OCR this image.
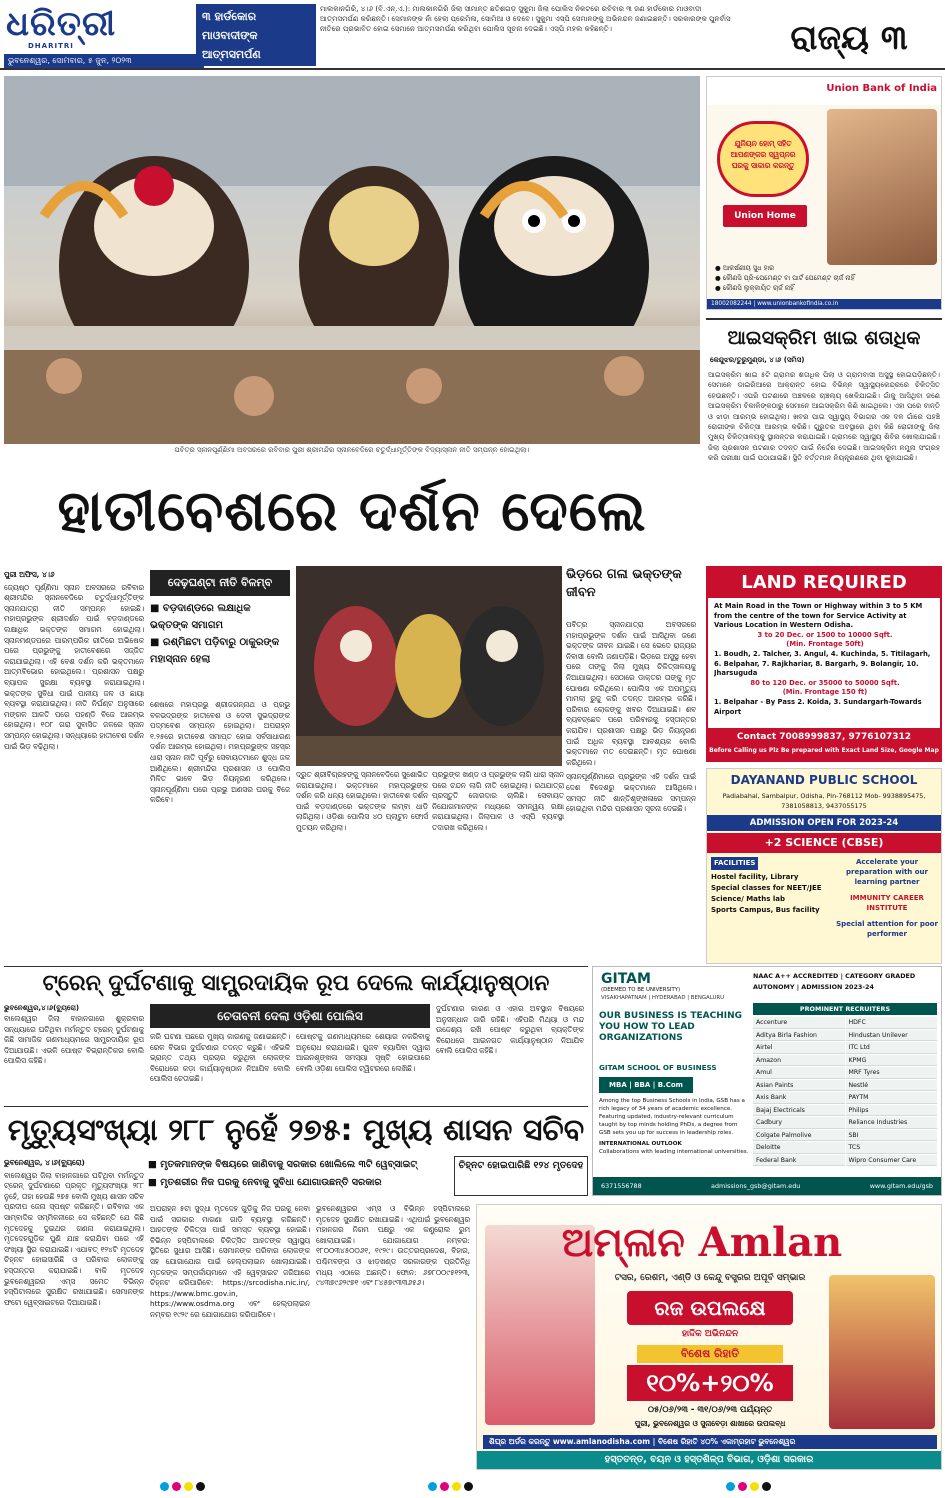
ଧରିତ୍ରୀ
DHARITRI
ଭୁବନେଶ୍ୱର, ସୋମବାର, ୫ ଜୁନ, ୨୦୨୩
୩ ହାର୍ଡକୋର
ମାଓବାଦୀଙ୍କ
ଆତ୍ମସମର୍ପଣ
ମାଲକାନଗିରି, ୪।୬ (ବି.ଏନ୍.ଏ.): ମାଲକାନଗିରି ଜିଲା ସୀମାନ୍ତ ଛତିଶଗଡ଼ ସୁକୁମା ଜିଲା ପୋଲିସ ନିକଟରେ ରବିବାର ୩ ଜଣ ହାର୍ଡକୋର ମାଓବାଦୀ ଆତ୍ମସମର୍ପଣ କରିଛନ୍ତି। ସେମାନଙ୍କ ନାଁ ହେଲା ପ୍ରେମିଳା, ସୋମିଆ ଓ ଦେବେ। ସୁକୁମା ଏସ୍ପି ସେମାନଙ୍କୁ ଅଭିନନ୍ଦନ ଜଣାଇଛନ୍ତି। ସରକାରଙ୍କ ପୁନର୍ବାସ ନୀତିରେ ପ୍ରଭାବିତ ହୋଇ ସେମାନେ ଆତ୍ମସମର୍ପଣ କରିଥିବା ପୋଲିସ ସୂଚନା ଦେଇଛି। ଏସ୍ପି ମହଲ କହିଛନ୍ତି।	ରାଜ୍ୟ ୩
ପବିତ୍ର ସ୍ନାନପୂର୍ଣ୍ଣିମା ଅବସରରେ ରବିବାର ପୁରୀ ଶ୍ରୀମନ୍ଦିର ସ୍ନାନବେଦିରେ ଚତୁର୍ଦ୍ଧାମୂର୍ତ୍ତିଙ୍କ ବିଦ୍ୟାସ୍ନାନ ନୀତି ସମ୍ପନ୍ନ ହୋଇଥିଲା।
Union Bank of India
ଯୁନିୟନ ହୋମ୍ ସହିତ ଆପଣଙ୍କର ସ୍ୱପ୍ନର ଘରକୁ ସାକାର କରନ୍ତୁ
Union Home
● ଆକର୍ଷଣୀୟ ସୁଧ ହାର
● କୌଣସି ପ୍ରି-ପେମେଣ୍ଟ ବା ପାର୍ଟ ପେମେଣ୍ଟ ଚାର୍ଜ ନାହିଁ
● କୌଣସି ଲୁକ୍କାୟିତ ଚାର୍ଜ ନାହିଁ
18002082244 | www.unionbankofindia.co.in
ଆଇସକ୍ରିମ ଖାଇ ଶତାଧିକ
କେନ୍ଦୁଝର/ତୁରୁମୁଣ୍ଡା, ୪।୬ (ସମିସ)
ଆଇସକ୍ରିମ ଖାଇ ୫ଟି ଗ୍ରାମର ଶତାଧିକ ପିଲା ଓ ଗ୍ରାମବାସୀ ଅସୁସ୍ଥ ହୋଇପଡ଼ିଛନ୍ତି। ସେମାନେ ଡାଇରିଆରେ ଆକ୍ରାନ୍ତ ହୋଇ ବିଭିନ୍ନ ସ୍ୱାସ୍ଥ୍ୟକେନ୍ଦ୍ରରେ ଚିକିତ୍ସିତ ହେଉଛନ୍ତି। ଏପରି ଘଟଣାରେ ଅଞ୍ଚଳରେ ଚାଞ୍ଚଲ୍ୟ ଖେଳିଯାଇଛି। ଗାଁକୁ ଆସିଥିବା ଜଣେ ଆଇସକ୍ରିମ ବିକାଳିଙ୍କଠାରୁ ସେମାନେ ଆଇସକ୍ରିମ କିଣି ଖାଇଥିଲେ। ଏହା ପରେ ବାନ୍ତି ଓ ଝାଡ଼ା ଆରମ୍ଭ ହୋଇଥିଲା। ଖବର ପାଇ ସ୍ୱାସ୍ଥ୍ୟ ବିଭାଗର ଏକ ଦଳ ଗାଁରେ ପହଞ୍ଚି ରୋଗୀଙ୍କ ଚିକିତ୍ସା ଆରମ୍ଭ କରିଛି। ଗୁରୁତର ଅବସ୍ଥାରେ ଥିବା କିଛି ରୋଗୀଙ୍କୁ ଜିଲା ମୁଖ୍ୟ ଚିକିତ୍ସାଳୟକୁ ସ୍ଥାନାନ୍ତର କରାଯାଇଛି। ଗ୍ରାମରେ ସ୍ୱାସ୍ଥ୍ୟ ଶିବିର ଖୋଲାଯାଇଛି। ଜିଲା ପ୍ରଶାସନ ଘଟଣାର ତଦନ୍ତ ପାଇଁ ନିର୍ଦ୍ଦେଶ ଦେଇଛି। ଆଇସକ୍ରିମ ନମୁନା ସଂଗ୍ରହ କରି ପରୀକ୍ଷା ପାଇଁ ପଠାଯାଇଛି। ସ୍ଥିତି ବର୍ତ୍ତମାନ ନିୟନ୍ତ୍ରଣରେ ଥିବା କୁହାଯାଇଛି।
ହାତୀବେଶରେ ଦର୍ଶନ ଦେଲେ
ପୁରୀ ଅଫିସ, ୪।୬
ଜ୍ୟେଷ୍ଠ ପୂର୍ଣ୍ଣିମା ସ୍ନାନ ଅବସରରେ ରବିବାର ଶ୍ରୀମନ୍ଦିର ସ୍ନାନବେଦିରେ ଚତୁର୍ଦ୍ଧାମୂର୍ତ୍ତିଙ୍କ ସ୍ନାନଯାତ୍ରା ନୀତି ସମ୍ପନ୍ନ ହୋଇଛି। ମହାପ୍ରଭୁଙ୍କ ଶ୍ରୀଦର୍ଶନ ପାଇଁ ବଡ଼ଦାଣ୍ଡରେ ଲକ୍ଷାଧିକ ଭକ୍ତଙ୍କ ସମାଗମ ହୋଇଥିଲା। ସ୍ନାନମଣ୍ଡପରେ ପାରମ୍ପରିକ ରୀତିରେ ଅଭିଷେକ ପରେ ପ୍ରଭୁଙ୍କୁ ହାତୀବେଶରେ ସଜ୍ଜିତ କରାଯାଇଥିଲା। ଏହି ବେଶ ଦର୍ଶନ କରି ଭକ୍ତମାନେ ଆତ୍ମବିଭୋର ହୋଇଥିଲେ। ପ୍ରଶାସନ ପକ୍ଷରୁ ବ୍ୟାପକ ସୁରକ୍ଷା ବ୍ୟବସ୍ଥା କରାଯାଇଥିଲା। ଭକ୍ତଙ୍କ ସୁବିଧା ପାଇଁ ପାନୀୟ ଜଳ ଓ ଛାୟା ବ୍ୟବସ୍ଥା କରାଯାଇଥିଲା। ନୀତି ନିର୍ଘଣ୍ଟ ଅନୁସାରେ ମଙ୍ଗଳ ଆଳତି ପରେ ପହଣ୍ଡି ବିଜେ ଆରମ୍ଭ ହୋଇଥିଲା। ୧୦୮ ଗରା ସୁବାସିତ ଜଳରେ ସ୍ନାନ ସମ୍ପନ୍ନ ହୋଇଥିଲା। ସନ୍ଧ୍ୟାରେ ହାତୀବେଶ ଦର୍ଶନ ପାଇଁ ଭିଡ଼ ବଢ଼ିଥିଲା।
ଦେଢ଼ଘଣ୍ଟା ନୀତି ବିଳମ୍ବ
■ ବଡ଼ଦାଣ୍ଡରେ ଲକ୍ଷାଧିକ ଭକ୍ତଙ୍କ ସମାଗମ
■ ରଶ୍ମିଛଟା ପଡ଼ିବାରୁ ଠାକୁରଙ୍କ ମହାସ୍ନାନ ହେଲା
ଶେଷରେ ମହାପ୍ରଭୁ ଶ୍ରୀଜଗନ୍ନାଥ ଓ ପ୍ରଭୁ ବଳଭଦ୍ରଙ୍କ ହାତୀବେଶ ଓ ଦେବୀ ସୁଭଦ୍ରାଙ୍କ ପଦ୍ମବେଶ ସମ୍ପନ୍ନ ହୋଇଥିଲା। ଅପରାହ୍ନ ୧.୨୫ରେ ହାତୀବେଶ ସମାପ୍ତ ହୋଇ ସର୍ବସାଧାରଣ ଦର୍ଶନ ଆରମ୍ଭ ହୋଇଥିଲା। ମହାପ୍ରଭୁଙ୍କ ସହସ୍ର ଧାରା ସ୍ନାନ ନୀତି ପୂର୍ବରୁ ସେବାୟତମାନେ ଶୁଦ୍ଧ ଜଳ ଆଣିଥିଲେ। ଶ୍ରୀମନ୍ଦିର ପ୍ରଶାସନ ଓ ପୋଲିସ ମିଳିତ ଭାବେ ଭିଡ଼ ନିୟନ୍ତ୍ରଣ କରିଥିଲେ। ସ୍ନାନପୂର୍ଣ୍ଣିମା ପରେ ପ୍ରଭୁ ଅଣସର ଘରକୁ ବିଜେ କରିବେ।
ଦ୍ରୁତ ଶ୍ରୀବିଗ୍ରହଙ୍କୁ ସ୍ନାନବେଦିରେ ସୁଶୋଭିତ କରାଯାଇଥିଲା। ଭକ୍ତମାନେ ମହାପ୍ରଭୁଙ୍କ ଦର୍ଶନ କରି ଧନ୍ୟ ହୋଇଥିଲେ। ହାତୀବେଶ ଦର୍ଶନ ପାଇଁ ବଡ଼ଦାଣ୍ଡରେ ଭକ୍ତଙ୍କ ଲମ୍ବା ଧାଡ଼ି ଲାଗିଥିଲା। ଓଡ଼ିଶା ପୋଲିସ ୪୦ ପ୍ଲାଟୁନ ଫୋର୍ସ ମୁତୟନ କରିଥିଲା।
ପ୍ରଭୁଙ୍କ ଖଣ୍ଡ ଓ ପ୍ରଭୁଙ୍କ ଲାଗି ଧାରା ସ୍ନାନ ପରେ ଚନ୍ଦନ ଲାଗି ନୀତି ହୋଇଥିଲା। ରଥଯାତ୍ରା ପ୍ରସ୍ତୁତି ଜୋରଦାର ଚାଲିଛି। ସେବାୟତ ନିଯୋଗମାନଙ୍କ ମଧ୍ୟରେ ସମନ୍ୱୟ ରକ୍ଷା କରାଯାଇଥିଲା। ଜିଲାପାଳ ଓ ଏସ୍ପି ବ୍ୟବସ୍ଥା ତଦାରଖ କରିଥିଲେ।
ଭିଡ଼ରେ ଗଳା ଭକ୍ତଙ୍କ ଜୀବନ
ପବିତ୍ର ସ୍ନାନଯାତ୍ରା ଅବସରରେ ମହାପ୍ରଭୁଙ୍କ ଦର୍ଶନ ପାଇଁ ଆସିଥିବା ଜଣେ ଭକ୍ତଙ୍କ ଜୀବନ ଯାଇଛି। ସେ ଭେଦେ ରାଜ୍ୟର ନିବାସୀ ବୋଲି ଜଣାପଡ଼ିଛି। ଭିଡ଼ରେ ଅସୁସ୍ଥ ହେବା ପରେ ତାଙ୍କୁ ଜିଲା ମୁଖ୍ୟ ଚିକିତ୍ସାଳୟକୁ ନିଆଯାଇଥିଲା। ସେଠାରେ ଡାକ୍ତର ତାଙ୍କୁ ମୃତ ଘୋଷଣା କରିଥିଲେ। ପୋଲିସ ଏକ ଅପମୃତ୍ୟୁ ମାମଲା ରୁଜୁ କରି ତଦନ୍ତ ଆରମ୍ଭ କରିଛି। ପରିବାର ଲୋକଙ୍କୁ ଖବର ଦିଆଯାଇଛି। ଶବ ବ୍ୟବଚ୍ଛେଦ ପରେ ପରିବାରକୁ ହସ୍ତାନ୍ତର କରାଯିବ। ପ୍ରଶାସନ ପକ୍ଷରୁ ଭିଡ଼ ନିୟନ୍ତ୍ରଣ ପାଇଁ ଅଧିକ ବ୍ୟବସ୍ଥା ଆବଶ୍ୟକ ବୋଲି ଭକ୍ତମାନେ ମତ ଦେଇଛନ୍ତି। ମୃତ ଘୋଷଣା କରିଥିଲେ।
ସ୍ନାନପୂର୍ଣ୍ଣିମାରେ ପ୍ରଭୁଙ୍କ ଏହି ଦର୍ଶନ ପାଇଁ ଦେଶ ବିଦେଶରୁ ଭକ୍ତମାନେ ଆସିଥିଲେ। ସମସ୍ତ ନୀତି ଶାନ୍ତିଶୃଙ୍ଖଳାରେ ସମ୍ପନ୍ନ ହୋଇଥିବା ମନ୍ଦିର ପ୍ରଶାସନ ସୂଚନା ଦେଇଛି।
LAND REQUIRED
At Main Road in the Town or Highway within 3 to 5 KM from the centre of the town for Service Activity at Various Location in Western Odisha.
3 to 20 Dec. or 1500 to 10000 Sqft.
(Min. Frontage 50ft)
1. Boudh, 2. Talcher, 3. Angul, 4. Kuchinda, 5. Titilagarh, 6. Belpahar, 7. Rajkhariar, 8. Bargarh, 9. Bolangir, 10. Jharsuguda
80 to 120 Dec. or 35000 to 50000 Sqft.
(Min. Frontage 150 ft)
1. Belpahar - By Pass 2. Koida, 3. Sundargarh-Towards Airport
Contact 7008999837, 9776107312
Before Calling us Plz Be prepared with Exact Land Size, Google Map
DAYANAND PUBLIC SCHOOL
Padiabahal, Sambalpur, Odisha, Pin-768112 Mob- 9938895475, 7381058813, 9437055175
ADMISSION OPEN FOR 2023-24
+2 SCIENCE (CBSE)
FACILITIES
Hostel facility, Library
Special classes for NEET/JEE
Science/ Maths lab
Sports Campus, Bus facility
Accelerate your preparation with our learning partner
IMMUNITY CAREER INSTITUTE
Special attention for poor performer
ଟ୍ରେନ୍ ଦୁର୍ଘଟଣାକୁ ସାମ୍ପ୍ରଦାୟିକ ରୂପ ଦେଲେ କାର୍ଯ୍ୟାନୁଷ୍ଠାନ
ଭୁବନେଶ୍ୱର,୪।୬(ବ୍ୟୁରୋ)
ଚେତାବନୀ ଦେଲା ଓଡ଼ିଶା ପୋଲିସ
ବାଲେଶ୍ୱର ଜିଲା ବାହାନଗାରେ ଶୁକ୍ରବାର ସନ୍ଧ୍ୟାରେ ଘଟିଥିବା ମର୍ମନ୍ତୁଦ ଟ୍ରେନ୍ ଦୁର୍ଘଟଣାକୁ କିଛି ସାମାଜିକ ଗଣମାଧ୍ୟମରେ ସାମ୍ପ୍ରଦାୟିକ ରୂପ ଦିଆଯାଉଛି। ଏଭଳି ପୋଷ୍ଟ ବିଭ୍ରାନ୍ତିକର ବୋଲି ପୋଲିସ କହିଛି।
କରି ଘଟଣା ପଛରେ ମୁଖ୍ୟ କାରଣକୁ ଜଣାଇଛନ୍ତି। ରେଳ ବିଭାଗ ଦୁର୍ଘଟଣାର ତଦନ୍ତ କରୁଛି। ଏହିଭଳି ଭ୍ରାନ୍ତ ତଥ୍ୟ ପ୍ରଚାର କରୁଥିବା ଲୋକଙ୍କ ବିରୋଧରେ କଡ଼ା କାର୍ଯ୍ୟାନୁଷ୍ଠାନ ନିଆଯିବ ବୋଲି ପୋଲିସ ଚେତାଇଛି।
ପୋଷ୍ଟକୁ ଗଣମାଧ୍ୟମରେ ଶେୟାର ନକରିବାକୁ ଅନୁରୋଧ କରାଯାଇଛି। ଗୁଜବ ବ୍ୟାପିବା ଦ୍ୱାରା ଆଇନଶୃଙ୍ଖଳା ସମସ୍ୟା ସୃଷ୍ଟି ହୋଇପାରେ ବୋଲି ଓଡ଼ିଶା ପୋଲିସ ଟ୍ୱିଟରରେ ଲେଖିଛି।
ଦୁର୍ଘଟଣାର କାରଣ ଓ ଏହାର ଅବସ୍ଥାନ ବିଷୟରେ ଅନୁସନ୍ଧାନ ଜାରି ରହିଛି। ଏହିପରି ମିଥ୍ୟା ଓ ମନ୍ଦ ଉଦ୍ଦେଶ୍ୟ ରଖି ପୋଷ୍ଟ କରୁଥିବା ବ୍ୟକ୍ତିଙ୍କ ବିରୋଧରେ ଆଇନଗତ କାର୍ଯ୍ୟାନୁଷ୍ଠାନ ନିଆଯିବ ବୋଲି ପୋଲିସ କହିଛି।
GITAM
(DEEMED TO BE UNIVERSITY)
VISAKHAPATNAM | HYDERABAD | BENGALURU
NAAC A++ ACCREDITED | CATEGORY GRADED AUTONOMY | ADMISSION 2023-24
OUR BUSINESS IS TEACHING YOU HOW TO LEAD ORGANIZATIONS
GITAM SCHOOL OF BUSINESS
MBA | BBA | B.Com
Among the top Business Schools in India, GSB has a rich legacy of 34 years of academic excellence. Featuring updated, industry-relevant curriculum taught by top minds holding PhDs, a degree from GSB sets you up for success in leadership roles.
INTERNATIONAL OUTLOOK
Collaborations with leading international universities.
PROMINENT RECRUITERS
Accenture	HDFC
Aditya Birla Fashion	Hindustan Unilever
Airtel	ITC Ltd
Amazon	KPMG
Amul	MRF Tyres
Asian Paints	Nestlé
Axis Bank	PAYTM
Bajaj Electricals	Philips
Cadbury	Reliance Industries
Colgate Palmolive	SBI
Deloitte	TCS
Federal Bank	Wipro Consumer Care
6371556788	admissions_gsb@gitam.edu	www.gitam.edu/gsb
ମୃତ୍ୟୁସଂଖ୍ୟା ୨୮୮ ନୁହେଁ ୨୭୫: ମୁଖ୍ୟ ଶାସନ ସଚିବ
■ ମୃତକମାନଙ୍କ ବିଷୟରେ ଜାଣିବାକୁ ସରକାର ଖୋଲିଲେ ୩ଟି ୱେବ୍‌ସାଇଟ୍
■ ମୃତଶରୀର ନିଜ ଘରକୁ ନେବାକୁ ସୁବିଧା ଯୋଗାଉଛନ୍ତି ସରକାର
ଚିହ୍ନଟ ହୋଇପାରିଛି ୧୨୪ ମୃତଦେହ
ଭୁବନେଶ୍ୱର, ୪।୬(ବ୍ୟୁରୋ)
ବାଲେଶ୍ୱର ଜିଲା ବାହାନଗାରେ ଘଟିଥିବା ମର୍ମନ୍ତୁଦ ଟ୍ରେନ୍ ଦୁର୍ଘଟଣାରେ ପ୍ରକୃତ ମୃତ୍ୟୁସଂଖ୍ୟା ୨୮୮ ନୁହେଁ, ତାହା ହେଉଛି ୨୭୫ ବୋଲି ମୁଖ୍ୟ ଶାସନ ସଚିବ ପ୍ରଦୀପ ଜେନା ସ୍ପଷ୍ଟ କରିଛନ୍ତି। ରବିବାର ଏକ ସାମ୍ବାଦିକ ସମ୍ମିଳନୀରେ ସେ କହିଛନ୍ତି ଯେ କିଛି ମୃତଦେହକୁ ଦୁଇଥର ଗଣନା କରାଯାଇଥିଲା। ମୃତଦେହଗୁଡ଼ିକ ପୁଣି ଯାଞ୍ଚ କରାଯିବା ପରେ ଏହି ସଂଖ୍ୟା ସ୍ଥିର କରାଯାଇଛି। ଏଯାବତ୍ ୧୨୪ଟି ମୃତଦେହ ଚିହ୍ନଟ ହୋଇସାରିଛି ଓ ପରିବାର ଲୋକଙ୍କୁ ହସ୍ତାନ୍ତର କରାଯାଇଛି। ବାକି ମୃତଦେହ ଭୁବନେଶ୍ୱରର ଏମ୍ସ ସମେତ ବିଭିନ୍ନ ହସ୍ପିଟାଲରେ ସୁରକ୍ଷିତ ରଖାଯାଇଛି। ସେମାନଙ୍କ ଫଟୋ ୱେବ୍‌ସାଇଟରେ ଦିଆଯାଇଛି।
ଅପରାହ୍ନ ୫ଟା ସୁଦ୍ଧା ମୃତଦେହ ଗୁଡ଼ିକୁ ନିଜ ଘରକୁ ନେବା ପାଇଁ ସରକାର ମାଗଣା ଗାଡ଼ି ବ୍ୟବସ୍ଥା କରିଛନ୍ତି। ଆହତଙ୍କ ଚିକିତ୍ସା ପାଇଁ ସମସ୍ତ ବ୍ୟବସ୍ଥା ହୋଇଛି। ବିଭିନ୍ନ ହସ୍ପିଟାଲରେ ଚିକିତ୍ସିତ ଆହତଙ୍କ ସ୍ୱାସ୍ଥ୍ୟ ସ୍ଥିତିରେ ସୁଧାର ଆସିଛି। ସେମାନଙ୍କ ପରିବାର ଲୋକଙ୍କ ସହ ଯୋଗାଯୋଗ ପାଇଁ ହେଲ୍ପଲାଇନ ଖୋଲାଯାଇଛି। ମୃତକଙ୍କ ସମ୍ପର୍କୀୟମାନେ ଏହି ୱେବ୍‌ସାଇଟ ଜରିଆରେ ଚିହ୍ନଟ କରିପାରିବେ: https://srcodisha.nic.in/, https://www.bmc.gov.in, https://www.osdma.org ଏବଂ ହେଲ୍ପଲାଇନ ନମ୍ବର ୧୯୨୯ ରେ ଯୋଗାଯୋଗ କରିପାରିବେ।
ଭୁବନେଶ୍ୱରର ଏମ୍ସ ଓ ବିଭିନ୍ନ ହସ୍ପିଟାଲରେ ମୃତଦେହ ସୁରକ୍ଷିତ ରଖାଯାଇଛି। ଏଥିପାଇଁ ଭୁବନେଶ୍ୱର ମହାନଗର ନିଗମ ପକ୍ଷରୁ ଏକ କଣ୍ଟ୍ରୋଲ ରୁମ ଖୋଲାଯାଇଛି। ଯୋଗାଯୋଗ ନମ୍ବର: ୧୮୦୦୩୪୫୦୦୬୧, ୧୯୨୯। ଉତ୍ତରପ୍ରଦେଶ, ବିହାର, ପଶ୍ଚିମବଙ୍ଗ ଓ ଝାଡ଼ଖଣ୍ଡ ସରକାରଙ୍କ ପ୍ରତିନିଧି ମଧ୍ୟ ଏଠାରେ ଅଛନ୍ତି। ଫୋନ: ୬୭୮୦୦୯୫୧୨୩, ୯୪୩୭୯୬୨୯୭୧ ଏବଂ ୮୪୫୭୯୩୩୬୫୬।
ଅମ୍ଳାନ Amlan
ଟସର, ରେଶମ, ଏଣ୍ଡି ଓ କେନ୍ଦୁ ବସ୍ତ୍ରର ଅପୂର୍ବ ସମ୍ଭାର
ରଜ ଉପଲକ୍ଷେ
ହାର୍ଦ୍ଦିକ ଅଭିନନ୍ଦନ
ବିଶେଷ ରିହାତି
୧୦%+୨୦%
୦୫/୦୬/୨୩ - ୩୧/୦୬/୨୩ ପର୍ଯ୍ୟନ୍ତ
ପୁରୀ, ଭୁବନେଶ୍ୱର ଓ ସୁନାବେଡ଼ା ଶାଖାରେ ଉପଲବ୍ଧ
ଶିଘ୍ର ଅର୍ଡର କରନ୍ତୁ www.amlanodisha.com | ବିଶେଷ ରିହାତି ୪୦% ଏକାମ୍ରହାଟ ଭୁବନେଶ୍ୱର
ହସ୍ତତନ୍ତ, ବୟନ ଓ ହସ୍ତଶିଳ୍ପ ବିଭାଗ, ଓଡ଼ିଶା ସରକାର
